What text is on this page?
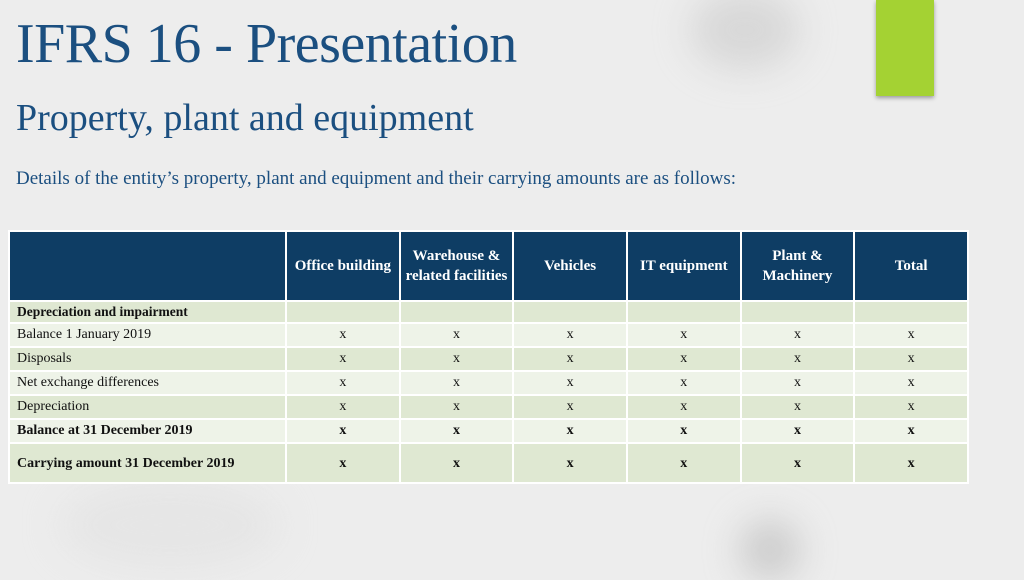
IFRS 16 - Presentation
Property, plant and equipment

Details of the entity’s property, plant and equipment and their carrying amounts are as follows:

	Office building	Warehouse & related facilities	Vehicles	IT equipment	Plant & Machinery	Total
Depreciation and impairment						
Balance 1 January 2019	x	x	x	x	x	x
Disposals	x	x	x	x	x	x
Net exchange differences	x	x	x	x	x	x
Depreciation	x	x	x	x	x	x
Balance at 31 December 2019	x	x	x	x	x	x
Carrying amount 31 December 2019	x	x	x	x	x	x
